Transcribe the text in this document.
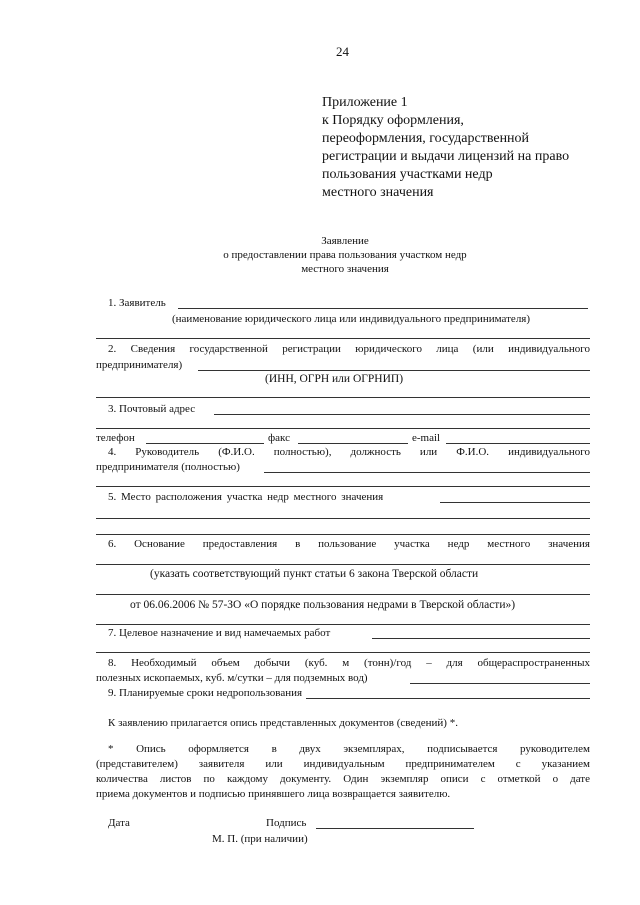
24
Приложение 1
к Порядку оформления,
переоформления, государственной
регистрации и выдачи лицензий на право
пользования участками недр
местного значения
Заявление
о предоставлении права пользования участком недр
местного значения
1. Заявитель
(наименование юридического лица или индивидуального предпринимателя)
2. Сведения государственной регистрации юридического лица (или индивидуального
предпринимателя)
(ИНН, ОГРН или ОГРНИП)
3. Почтовый адрес
телефон	факс	e-mail
4. Руководитель (Ф.И.О. полностью), должность или Ф.И.О. индивидуального
предпринимателя (полностью)
5. Место расположения участка недр местного значения
6. Основание предоставления в пользование участка недр местного значения
(указать соответствующий пункт статьи 6 закона Тверской области
от 06.06.2006 № 57-ЗО «О порядке пользования недрами в Тверской области»)
7. Целевое назначение и вид намечаемых работ
8. Необходимый объем добычи (куб. м (тонн)/год – для общераспространенных
полезных ископаемых, куб. м/сутки – для подземных вод)
9. Планируемые сроки недропользования
К заявлению прилагается опись представленных документов (сведений) *.
* Опись оформляется в двух экземплярах, подписывается руководителем
(представителем) заявителя или индивидуальным предпринимателем с указанием
количества листов по каждому документу. Один экземпляр описи с отметкой о дате
приема документов и подписью принявшего лица возвращается заявителю.
Дата	Подпись
М. П. (при наличии)
